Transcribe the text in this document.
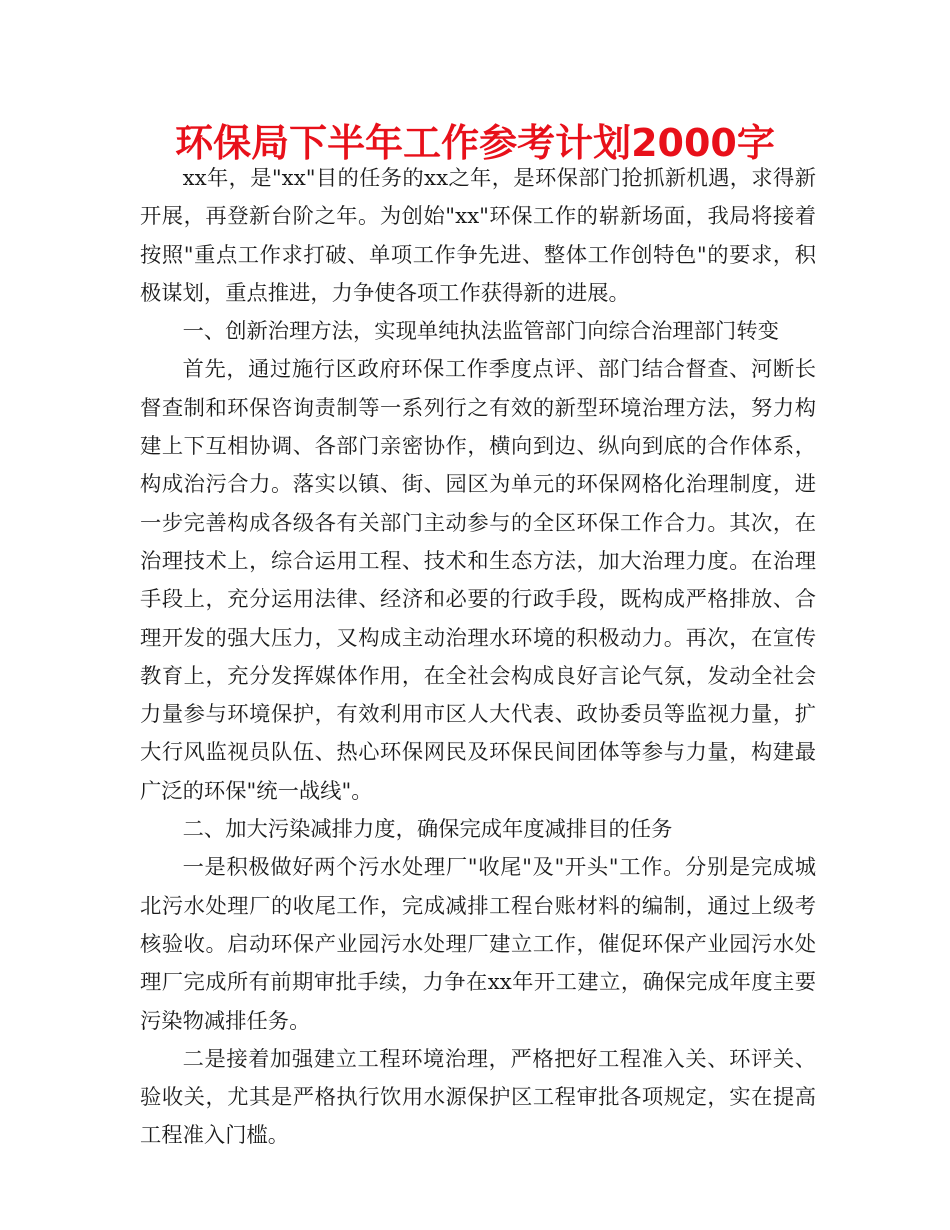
环保局下半年工作参考计划2000字

xx年，是"xx"目的任务的xx之年，是环保部门抢抓新机遇，求得新开展，再登新台阶之年。为创始"xx"环保工作的崭新场面，我局将接着按照"重点工作求打破、单项工作争先进、整体工作创特色"的要求，积极谋划，重点推进，力争使各项工作获得新的进展。

一、创新治理方法，实现单纯执法监管部门向综合治理部门转变

首先，通过施行区政府环保工作季度点评、部门结合督查、河断长督查制和环保咨询责制等一系列行之有效的新型环境治理方法，努力构建上下互相协调、各部门亲密协作，横向到边、纵向到底的合作体系，构成治污合力。落实以镇、街、园区为单元的环保网格化治理制度，进一步完善构成各级各有关部门主动参与的全区环保工作合力。其次，在治理技术上，综合运用工程、技术和生态方法，加大治理力度。在治理手段上，充分运用法律、经济和必要的行政手段，既构成严格排放、合理开发的强大压力，又构成主动治理水环境的积极动力。再次，在宣传教育上，充分发挥媒体作用，在全社会构成良好言论气氛，发动全社会力量参与环境保护，有效利用市区人大代表、政协委员等监视力量，扩大行风监视员队伍、热心环保网民及环保民间团体等参与力量，构建最广泛的环保"统一战线"。

二、加大污染减排力度，确保完成年度减排目的任务

一是积极做好两个污水处理厂"收尾"及"开头"工作。分别是完成城北污水处理厂的收尾工作，完成减排工程台账材料的编制，通过上级考核验收。启动环保产业园污水处理厂建立工作，催促环保产业园污水处理厂完成所有前期审批手续，力争在xx年开工建立，确保完成年度主要污染物减排任务。

二是接着加强建立工程环境治理，严格把好工程准入关、环评关、验收关，尤其是严格执行饮用水源保护区工程审批各项规定，实在提高工程准入门槛。
